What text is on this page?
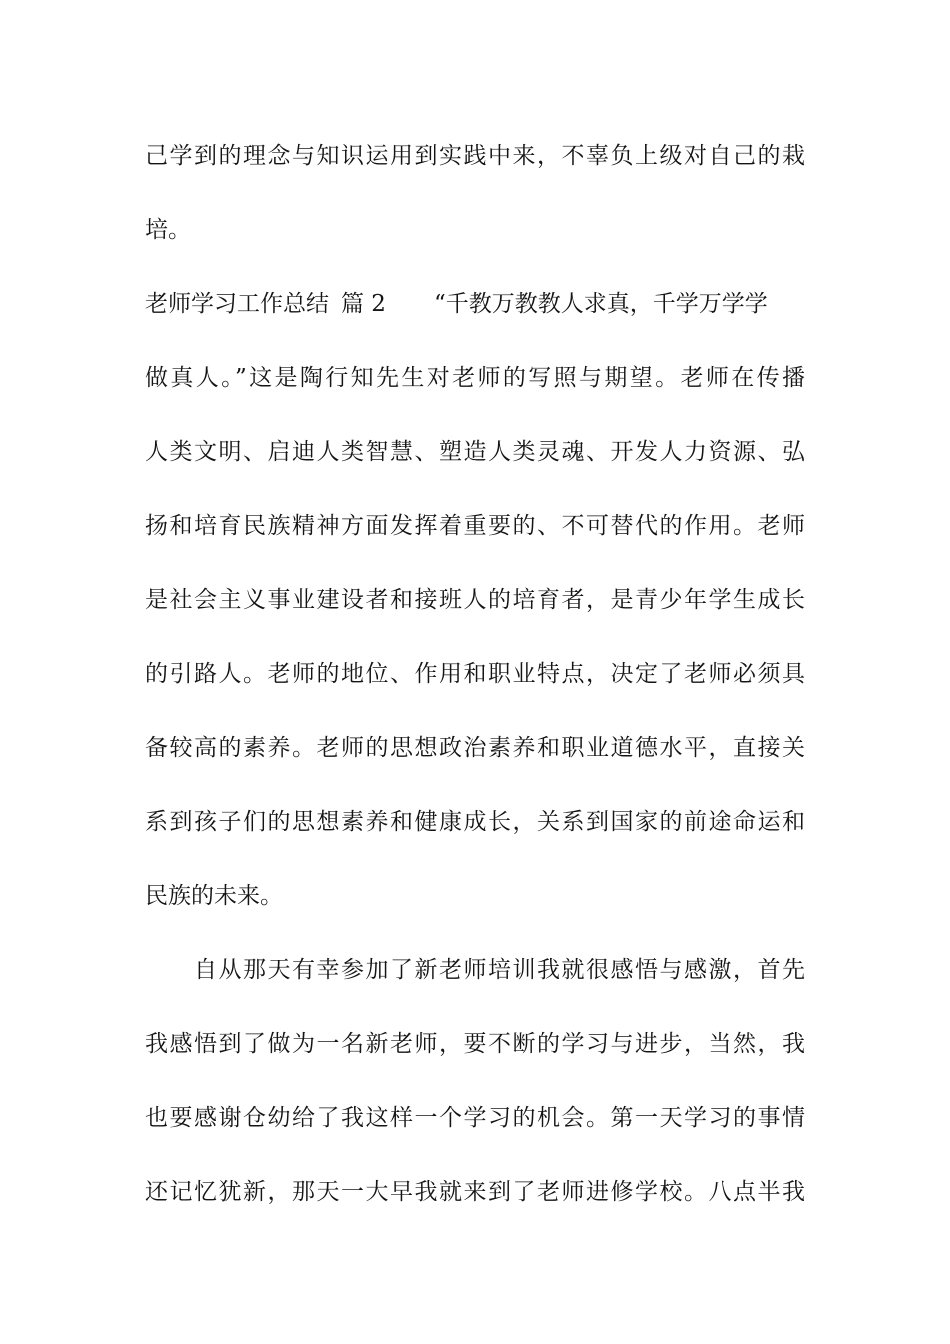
己学到的理念与知识运用到实践中来，不辜负上级对自己的栽
培。
老师学习工作总结 篇 2 “千教万教教人求真，千学万学学
做真人。”这是陶行知先生对老师的写照与期望。老师在传播
人类文明、启迪人类智慧、塑造人类灵魂、开发人力资源、弘
扬和培育民族精神方面发挥着重要的、不可替代的作用。老师
是社会主义事业建设者和接班人的培育者，是青少年学生成长
的引路人。老师的地位、作用和职业特点，决定了老师必须具
备较高的素养。老师的思想政治素养和职业道德水平，直接关
系到孩子们的思想素养和健康成长，关系到国家的前途命运和
民族的未来。
　　自从那天有幸参加了新老师培训我就很感悟与感激，首先
我感悟到了做为一名新老师，要不断的学习与进步，当然，我
也要感谢仓幼给了我这样一个学习的机会。第一天学习的事情
还记忆犹新，那天一大早我就来到了老师进修学校。八点半我
